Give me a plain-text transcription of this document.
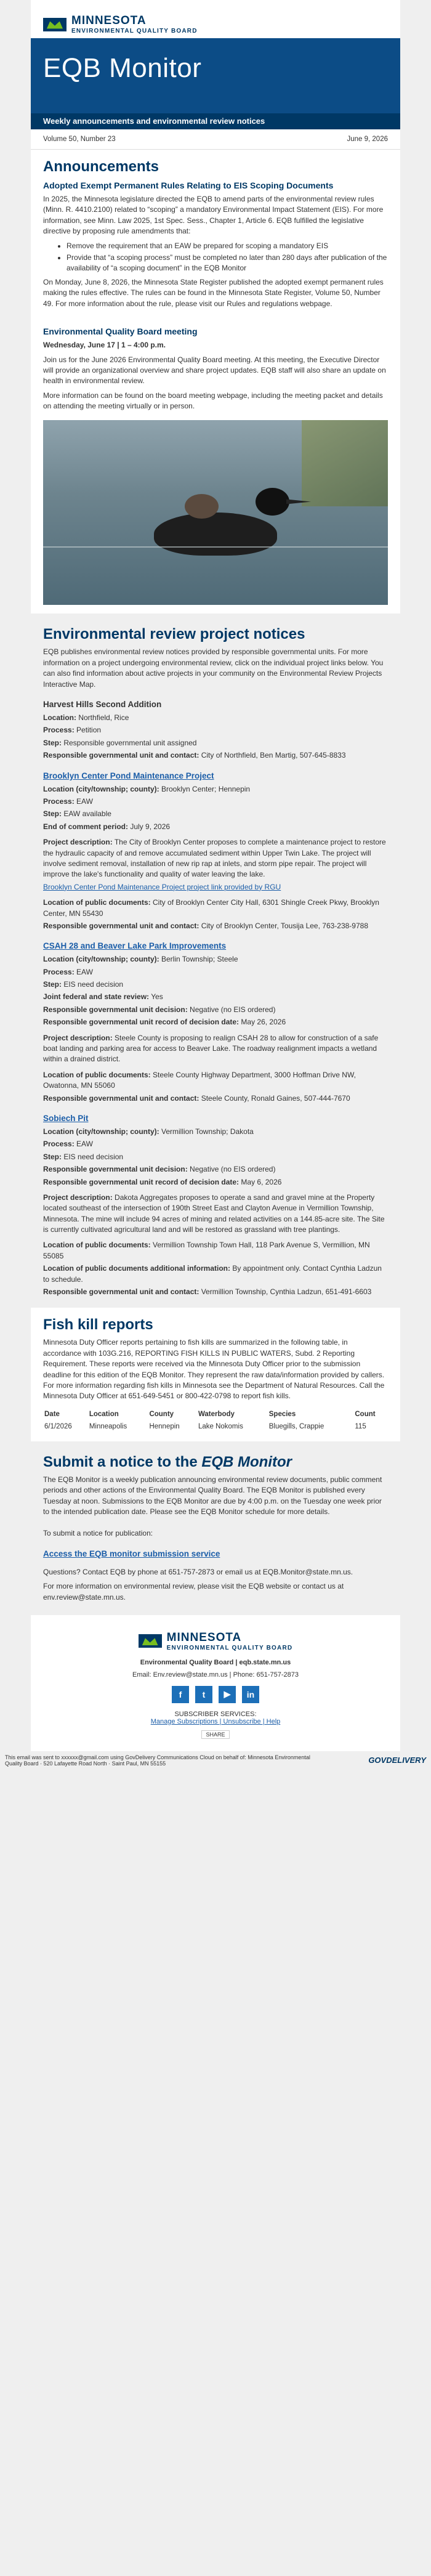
MINNESOTA
ENVIRONMENTAL QUALITY BOARD
EQB Monitor
Weekly announcements and environmental review notices
Volume 50, Number 23	June 9, 2026
Announcements
Adopted Exempt Permanent Rules Relating to EIS Scoping Documents

In 2025, the Minnesota legislature directed the EQB to amend parts of the environmental review rules (Minn. R. 4410.2100) related to “scoping” a mandatory Environmental Impact Statement (EIS). For more information, see Minn. Law 2025, 1st Spec. Sess., Chapter 1, Article 6. EQB fulfilled the legislative directive by proposing rule amendments that:

• Remove the requirement that an EAW be prepared for scoping a mandatory EIS
• Provide that “a scoping process” must be completed no later than 280 days after publication of the availability of “a scoping document” in the EQB Monitor

On Monday, June 8, 2026, the Minnesota State Register published the adopted exempt permanent rules making the rules effective. The rules can be found in the Minnesota State Register, Volume 50, Number 49. For more information about the rule, please visit our Rules and regulations webpage.

Environmental Quality Board meeting

Wednesday, June 17 | 1 – 4:00 p.m.

Join us for the June 2026 Environmental Quality Board meeting. At this meeting, the Executive Director will provide an organizational overview and share project updates. EQB staff will also share an update on health in environmental review.

More information can be found on the board meeting webpage, including the meeting packet and details on attending the meeting virtually or in person.

Environmental review project notices

EQB publishes environmental review notices provided by responsible governmental units. For more information on a project undergoing environmental review, click on the individual project links below. You can also find information about active projects in your community on the Environmental Review Projects Interactive Map.

Harvest Hills Second Addition
Location: Northfield, Rice
Process: Petition
Step: Responsible governmental unit assigned
Responsible governmental unit and contact: City of Northfield, Ben Martig, 507-645-8833
Brooklyn Center Pond Maintenance Project
Location (city/township; county): Brooklyn Center; Hennepin
Process: EAW
Step: EAW available
End of comment period: July 9, 2026
Project description: The City of Brooklyn Center proposes to complete a maintenance project to restore the hydraulic capacity of and remove accumulated sediment within Upper Twin Lake. The project will involve sediment removal, installation of new rip rap at inlets, and storm pipe repair. The project will improve the lake's functionality and quality of water leaving the lake.
Brooklyn Center Pond Maintenance Project project link provided by RGU
Location of public documents: City of Brooklyn Center City Hall, 6301 Shingle Creek Pkwy, Brooklyn Center, MN 55430
Responsible governmental unit and contact: City of Brooklyn Center, Tousija Lee, 763-238-9788
CSAH 28 and Beaver Lake Park Improvements
Location (city/township; county): Berlin Township; Steele
Process: EAW
Step: EIS need decision
Joint federal and state review: Yes
Responsible governmental unit decision: Negative (no EIS ordered)
Responsible governmental unit record of decision date: May 26, 2026
Project description: Steele County is proposing to realign CSAH 28 to allow for construction of a safe boat landing and parking area for access to Beaver Lake. The roadway realignment impacts a wetland within a drained district.
Location of public documents: Steele County Highway Department, 3000 Hoffman Drive NW, Owatonna, MN 55060
Responsible governmental unit and contact: Steele County, Ronald Gaines, 507-444-7670
Sobiech Pit
Location (city/township; county): Vermillion Township; Dakota
Process: EAW
Step: EIS need decision
Responsible governmental unit decision: Negative (no EIS ordered)
Responsible governmental unit record of decision date: May 6, 2026
Project description: Dakota Aggregates proposes to operate a sand and gravel mine at the Property located southeast of the intersection of 190th Street East and Clayton Avenue in Vermillion Township, Minnesota. The mine will include 94 acres of mining and related activities on a 144.85-acre site. The Site is currently cultivated agricultural land and will be restored as grassland with tree plantings.
Location of public documents: Vermillion Township Town Hall, 118 Park Avenue S, Vermillion, MN 55085
Location of public documents additional information: By appointment only. Contact Cynthia Ladzun to schedule.
Responsible governmental unit and contact: Vermillion Township, Cynthia Ladzun, 651-491-6603
Fish kill reports

Minnesota Duty Officer reports pertaining to fish kills are summarized in the following table, in accordance with 103G.216, REPORTING FISH KILLS IN PUBLIC WATERS, Subd. 2 Reporting Requirement. These reports were received via the Minnesota Duty Officer prior to the submission deadline for this edition of the EQB Monitor. They represent the raw data/information provided by callers. For more information regarding fish kills in Minnesota see the Department of Natural Resources. Call the Minnesota Duty Officer at 651-649-5451 or 800-422-0798 to report fish kills.

Date	Location	County	Waterbody	Species	Count
6/1/2026	Minneapolis	Hennepin	Lake Nokomis	Bluegills, Crappie	115
Submit a notice to the EQB Monitor

The EQB Monitor is a weekly publication announcing environmental review documents, public comment periods and other actions of the Environmental Quality Board. The EQB Monitor is published every Tuesday at noon. Submissions to the EQB Monitor are due by 4:00 p.m. on the Tuesday one week prior to the intended publication date. Please see the EQB Monitor schedule for more details.

To submit a notice for publication:

Access the EQB monitor submission service

Questions? Contact EQB by phone at 651-757-2873 or email us at EQB.Monitor@state.mn.us.

For more information on environmental review, please visit the EQB website or contact us at env.review@state.mn.us.

MINNESOTA
ENVIRONMENTAL QUALITY BOARD
Environmental Quality Board | eqb.state.mn.us
Email: Env.review@state.mn.us | Phone: 651-757-2873
f	t	▶	in
SUBSCRIBER SERVICES:
Manage Subscriptions | Unsubscribe | Help
SHARE
This email was sent to xxxxxx@gmail.com using GovDelivery Communications Cloud on behalf of: Minnesota Environmental Quality Board · 520 Lafayette Road North · Saint Paul, MN 55155	GOVDELIVERY
